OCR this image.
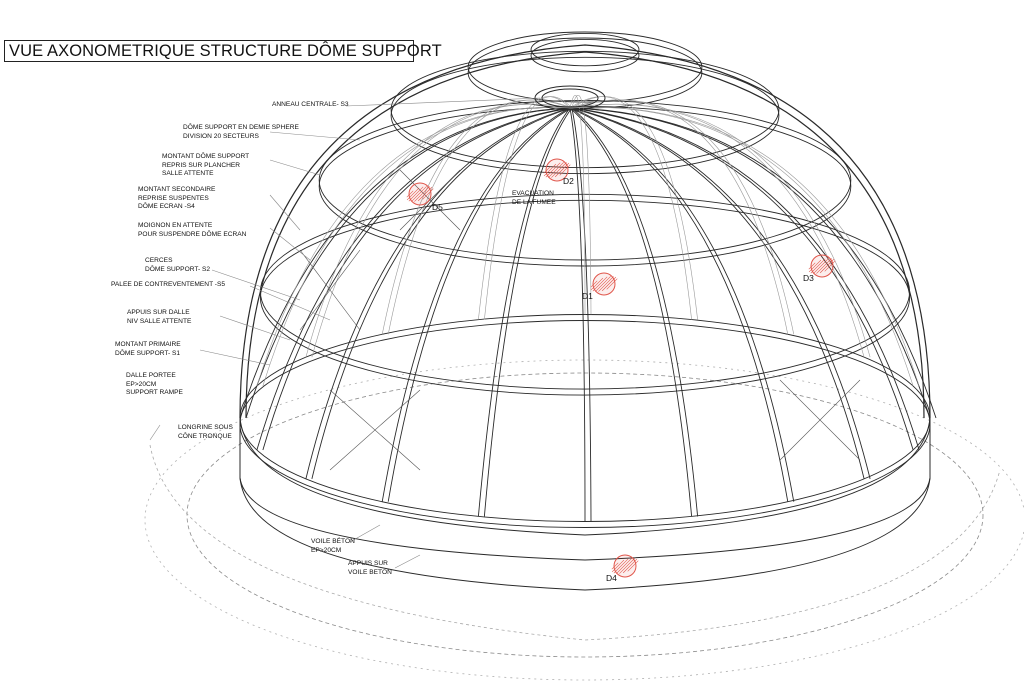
VUE AXONOMETRIQUE STRUCTURE DÔME SUPPORT
ANNEAU CENTRALE- S3
DÔME SUPPORT EN DEMIE SPHERE
DIVISION 20 SECTEURS
MONTANT DÔME SUPPORT
REPRIS SUR PLANCHER
SALLE ATTENTE
MONTANT SECONDAIRE
REPRISE SUSPENTES
DÔME ECRAN -S4
MOIGNON EN ATTENTE
POUR SUSPENDRE DÔME ECRAN
CERCES
DÔME SUPPORT- S2
PALEE DE CONTREVENTEMENT -S5
APPUIS SUR DALLE
NIV SALLE ATTENTE
MONTANT PRIMAIRE
DÔME SUPPORT- S1
DALLE PORTEE
EP>20CM
SUPPORT RAMPE
LONGRINE SOUS
CÔNE TRONQUE
EVACUATION
DE LA FUMEE
VOILE BÉTON
EP>20CM
APPUIS SUR
VOILE BETON
D1
D2
D3
D4
D5
